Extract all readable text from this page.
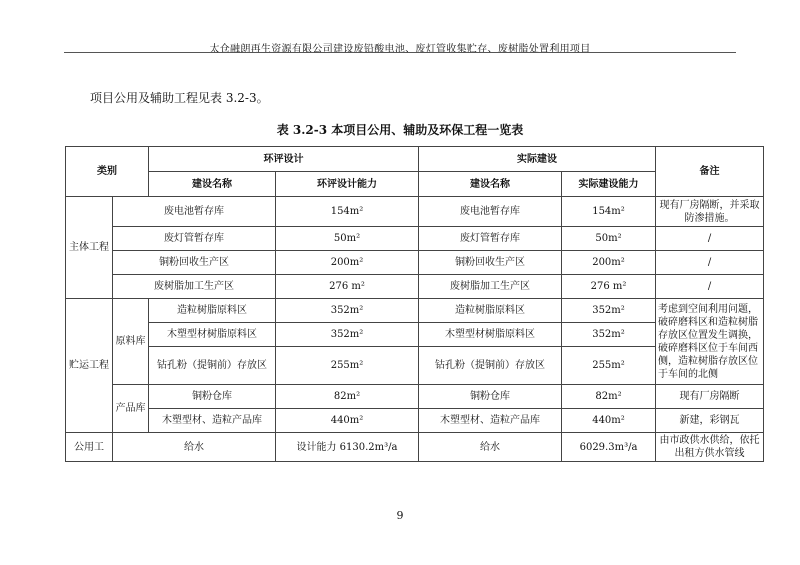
太仓融朗再生资源有限公司建设废铅酸电池、废灯管收集贮存、废树脂处置利用项目
项目公用及辅助工程见表 3.2-3。
表 3.2-3 本项目公用、辅助及环保工程一览表
类别		环评设计		实际建设		备注
		建设名称	环评设计能力	建设名称	实际建设能力	
主体工程	废电池暂存库		154m²	废电池暂存库	154m²	现有厂房隔断，并采取防渗措施。
	废灯管暂存库		50m²	废灯管暂存库	50m²	/
	铜粉回收生产区		200m²	铜粉回收生产区	200m²	/
	废树脂加工生产区		276 m²	废树脂加工生产区	276 m²	/
贮运工程	原料库	造粒树脂原料区	352m²	造粒树脂原料区	352m²	考虑到空间利用问题，破碎磨料区和造粒树脂存放区位置发生调换，破碎磨料区位于车间西侧，造粒树脂存放区位于车间的北侧
		木塑型材树脂原料区	352m²	木塑型材树脂原料区	352m²	
		钴孔粉（提铜前）存放区	255m²	钴孔粉（提铜前）存放区	255m²	
	产品库	铜粉仓库	82m²	铜粉仓库	82m²	现有厂房隔断
		木塑型材、造粒产品库	440m²	木塑型材、造粒产品库	440m²	新建，彩钢瓦
公用工	给水		设计能力 6130.2m³/a	给水	6029.3m³/a	由市政供水供给，依托出租方供水管线
9
